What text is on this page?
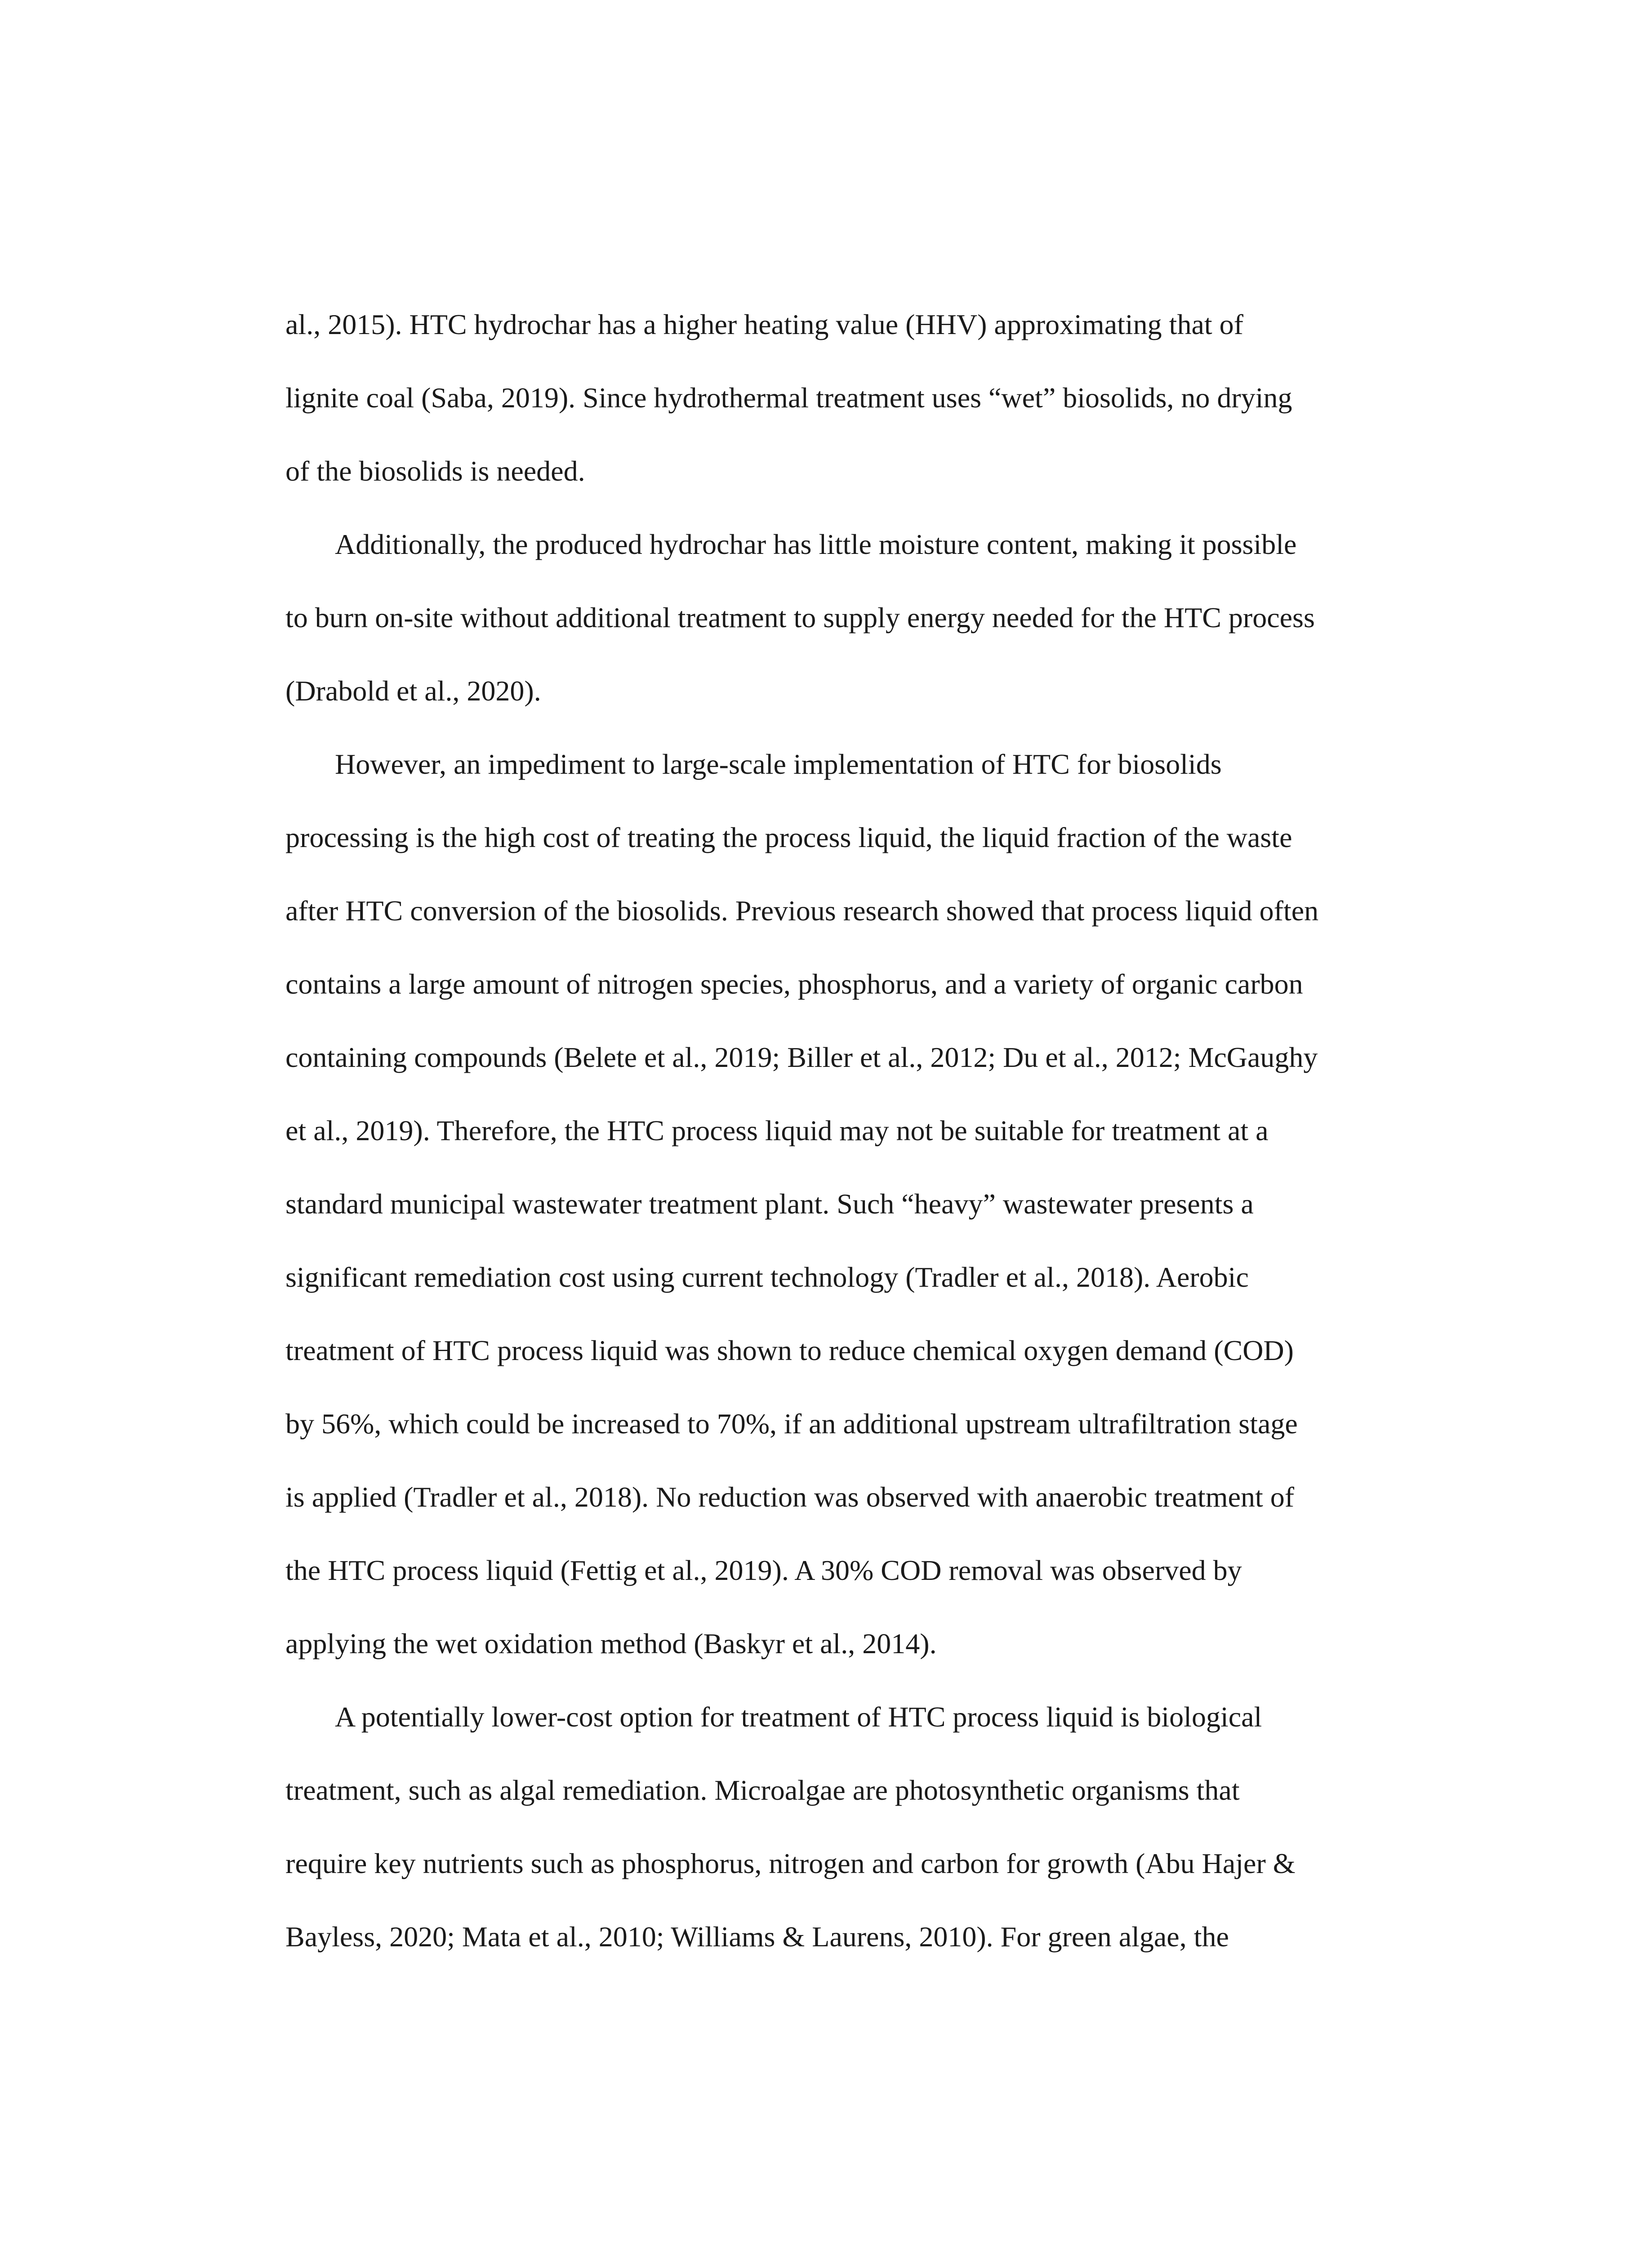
al., 2015). HTC hydrochar has a higher heating value (HHV) approximating that of
lignite coal (Saba, 2019). Since hydrothermal treatment uses “wet” biosolids, no drying
of the biosolids is needed.
Additionally, the produced hydrochar has little moisture content, making it possible
to burn on-site without additional treatment to supply energy needed for the HTC process
(Drabold et al., 2020).
However, an impediment to large-scale implementation of HTC for biosolids
processing is the high cost of treating the process liquid, the liquid fraction of the waste
after HTC conversion of the biosolids. Previous research showed that process liquid often
contains a large amount of nitrogen species, phosphorus, and a variety of organic carbon
containing compounds (Belete et al., 2019; Biller et al., 2012; Du et al., 2012; McGaughy
et al., 2019). Therefore, the HTC process liquid may not be suitable for treatment at a
standard municipal wastewater treatment plant. Such “heavy” wastewater presents a
significant remediation cost using current technology (Tradler et al., 2018). Aerobic
treatment of HTC process liquid was shown to reduce chemical oxygen demand (COD)
by 56%, which could be increased to 70%, if an additional upstream ultrafiltration stage
is applied (Tradler et al., 2018). No reduction was observed with anaerobic treatment of
the HTC process liquid (Fettig et al., 2019). A 30% COD removal was observed by
applying the wet oxidation method (Baskyr et al., 2014).
A potentially lower-cost option for treatment of HTC process liquid is biological
treatment, such as algal remediation. Microalgae are photosynthetic organisms that
require key nutrients such as phosphorus, nitrogen and carbon for growth (Abu Hajer &
Bayless, 2020; Mata et al., 2010; Williams & Laurens, 2010). For green algae, the
